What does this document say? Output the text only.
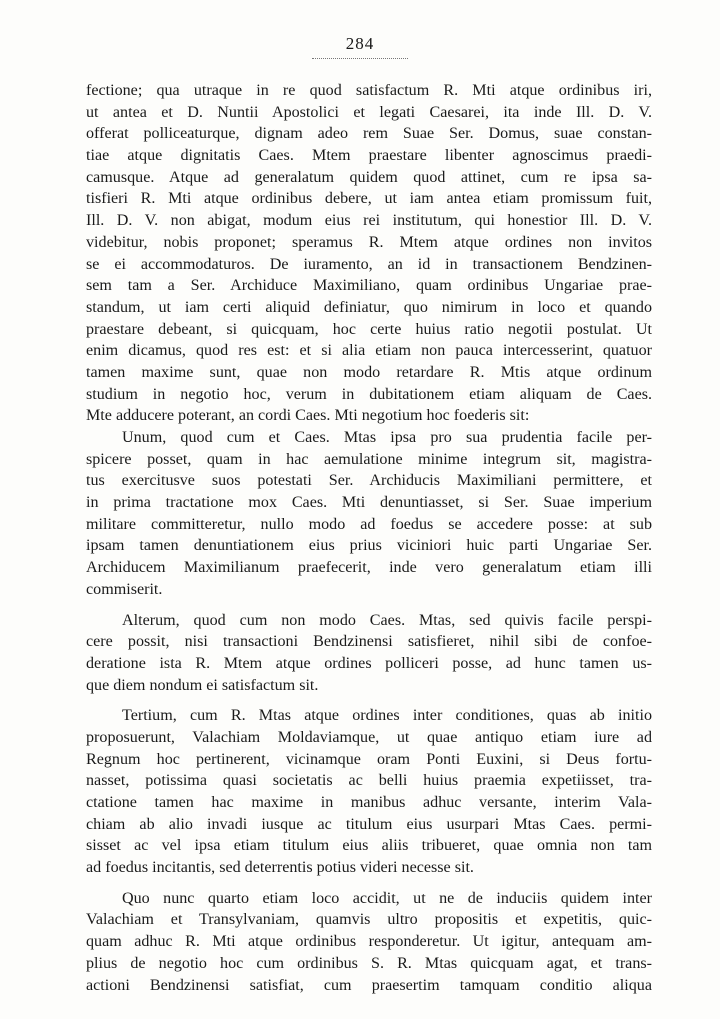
284
fectione; qua utraque in re quod satisfactum R. Mti atque ordinibus iri,
ut antea et D. Nuntii Apostolici et legati Caesarei, ita inde Ill. D. V.
offerat polliceaturque, dignam adeo rem Suae Ser. Domus, suae constan-
tiae atque dignitatis Caes. Mtem praestare libenter agnoscimus praedi-
camusque. Atque ad generalatum quidem quod attinet, cum re ipsa sa-
tisfieri R. Mti atque ordinibus debere, ut iam antea etiam promissum fuit,
Ill. D. V. non abigat, modum eius rei institutum, qui honestior Ill. D. V.
videbitur, nobis proponet; speramus R. Mtem atque ordines non invitos
se ei accommodaturos. De iuramento, an id in transactionem Bendzinen-
sem tam a Ser. Archiduce Maximiliano, quam ordinibus Ungariae prae-
standum, ut iam certi aliquid definiatur, quo nimirum in loco et quando
praestare debeant, si quicquam, hoc certe huius ratio negotii postulat. Ut
enim dicamus, quod res est: et si alia etiam non pauca intercesserint, quatuor
tamen maxime sunt, quae non modo retardare R. Mtis atque ordinum
studium in negotio hoc, verum in dubitationem etiam aliquam de Caes.
Mte adducere poterant, an cordi Caes. Mti negotium hoc foederis sit:
Unum, quod cum et Caes. Mtas ipsa pro sua prudentia facile per-
spicere posset, quam in hac aemulatione minime integrum sit, magistra-
tus exercitusve suos potestati Ser. Archiducis Maximiliani permittere, et
in prima tractatione mox Caes. Mti denuntiasset, si Ser. Suae imperium
militare committeretur, nullo modo ad foedus se accedere posse: at sub
ipsam tamen denuntiationem eius prius viciniori huic parti Ungariae Ser.
Archiducem Maximilianum praefecerit, inde vero generalatum etiam illi
commiserit.
Alterum, quod cum non modo Caes. Mtas, sed quivis facile perspi-
cere possit, nisi transactioni Bendzinensi satisfieret, nihil sibi de confoe-
deratione ista R. Mtem atque ordines polliceri posse, ad hunc tamen us-
que diem nondum ei satisfactum sit.
Tertium, cum R. Mtas atque ordines inter conditiones, quas ab initio
proposuerunt, Valachiam Moldaviamque, ut quae antiquo etiam iure ad
Regnum hoc pertinerent, vicinamque oram Ponti Euxini, si Deus fortu-
nasset, potissima quasi societatis ac belli huius praemia expetiisset, tra-
ctatione tamen hac maxime in manibus adhuc versante, interim Vala-
chiam ab alio invadi iusque ac titulum eius usurpari Mtas Caes. permi-
sisset ac vel ipsa etiam titulum eius aliis tribueret, quae omnia non tam
ad foedus incitantis, sed deterrentis potius videri necesse sit.
Quo nunc quarto etiam loco accidit, ut ne de induciis quidem inter
Valachiam et Transylvaniam, quamvis ultro propositis et expetitis, quic-
quam adhuc R. Mti atque ordinibus responderetur. Ut igitur, antequam am-
plius de negotio hoc cum ordinibus S. R. Mtas quicquam agat, et trans-
actioni Bendzinensi satisfiat, cum praesertim tamquam conditio aliqua
